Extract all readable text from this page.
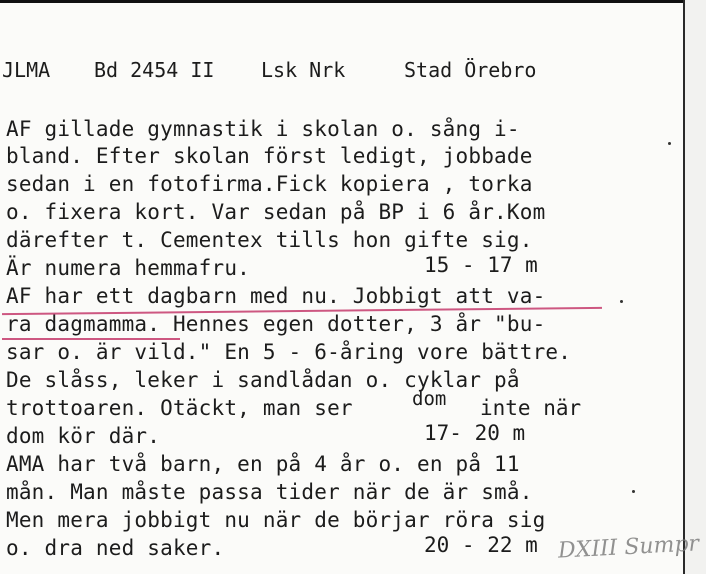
JLMA

Bd 2454 II

Lsk Nrk

	Stad Örebro

AF gillade gymnastik i skolan o. sång i-
bland. Efter skolan först ledigt, jobbade
sedan i en fotofirma.Fick kopiera , torka
o. fixera kort. Var sedan på BP i 6 år.Kom
därefter t. Cementex tills hon gifte sig.
Är numera hemmafru.	15 - 17 m
AF har ett dagbarn med nu. Jobbigt att va-
ra dagmamma. Hennes egen dotter, 3 år "bu-
sar o. är vild." En 5 - 6-åring vore bättre.
De slåss, leker i sandlådan o. cyklar på
trottoaren. Otäckt, man ser	dom inte när
dom kör där.	17- 20 m
AMA har två barn, en på 4 år o. en på 11
mån. Man måste passa tider när de är små.
Men mera jobbigt nu när de börjar röra sig
o. dra ned saker.	20 - 22 m DXIII Sumpr
